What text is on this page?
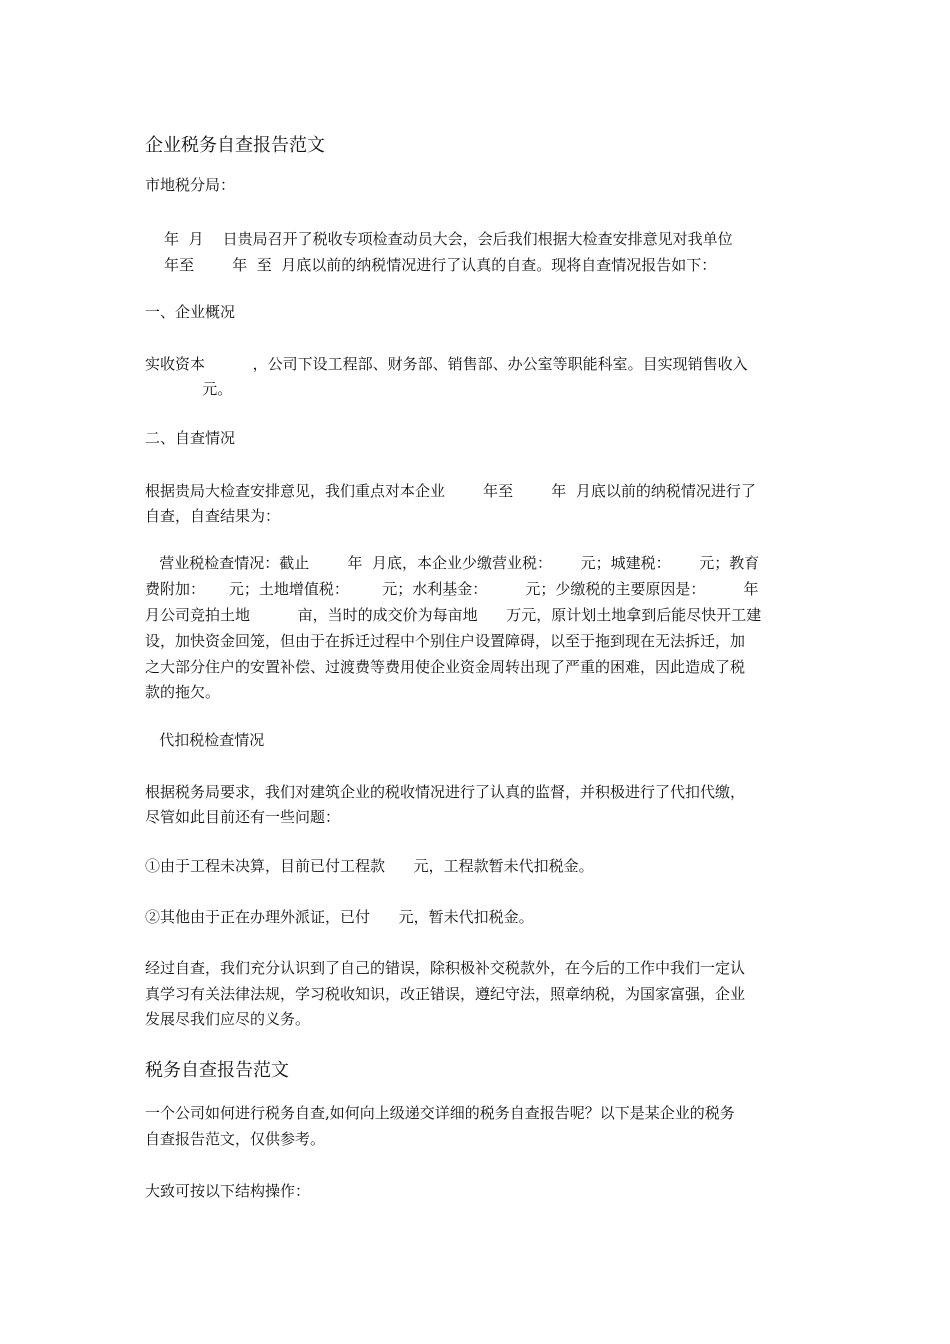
企业税务自查报告范文
市地税分局：
年  月    日贵局召开了税收专项检查动员大会，会后我们根据大检查安排意见对我单位
年至        年  至  月底以前的纳税情况进行了认真的自查。现将自查情况报告如下：
一、企业概况
实收资本          ，公司下设工程部、财务部、销售部、办公室等职能科室。目实现销售收入
元。
二、自查情况
根据贵局大检查安排意见，我们重点对本企业        年至        年  月底以前的纳税情况进行了
自查，自查结果为：
营业税检查情况：截止        年  月底，本企业少缴营业税：      元；城建税：      元；教育
费附加：     元；土地增值税：       元；水利基金：        元；少缴税的主要原因是：        年
月公司竞拍土地          亩，当时的成交价为每亩地      万元，原计划土地拿到后能尽快开工建
设，加快资金回笼，但由于在拆迁过程中个别住户设置障碍，以至于拖到现在无法拆迁，加
之大部分住户的安置补偿、过渡费等费用使企业资金周转出现了严重的困难，因此造成了税
款的拖欠。
代扣税检查情况
根据税务局要求，我们对建筑企业的税收情况进行了认真的监督，并积极进行了代扣代缴，
尽管如此目前还有一些问题：
①由于工程未决算，目前已付工程款      元，工程款暂未代扣税金。
②其他由于正在办理外派证，已付      元，暂未代扣税金。
经过自查，我们充分认识到了自己的错误，除积极补交税款外，在今后的工作中我们一定认
真学习有关法律法规，学习税收知识，改正错误，遵纪守法，照章纳税，为国家富强，企业
发展尽我们应尽的义务。
税务自查报告范文
一个公司如何进行税务自查,如何向上级递交详细的税务自查报告呢？以下是某企业的税务
自查报告范文，仅供参考。
大致可按以下结构操作：
